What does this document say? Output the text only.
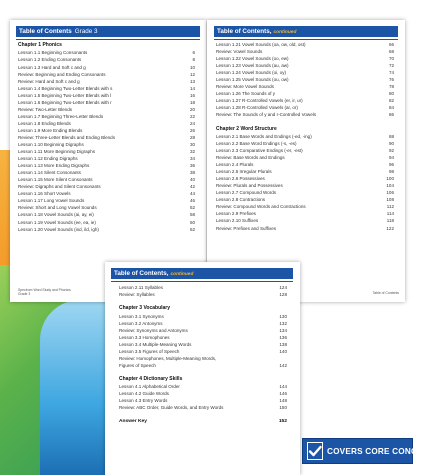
Table of Contents Grade 3
Chapter 1 Phonics
Lesson 1.1 Beginning Consonants	6
Lesson 1.2 Ending Consonants	8
Lesson 1.3 Hard and Soft c and g	10
Review: Beginning and Ending Consonants	12
Review: Hard and Soft c and g	13
Lesson 1.4 Beginning Two-Letter Blends with s	14
Lesson 1.5 Beginning Two-Letter Blends with l	16
Lesson 1.6 Beginning Two-Letter Blends with r	18
Review: Two-Letter Blends	20
Lesson 1.7 Beginning Three-Letter Blends	22
Lesson 1.8 Ending Blends	24
Lesson 1.9 More Ending Blends	26
Review: Three-Letter Blends and Ending Blends	28
Lesson 1.10 Beginning Digraphs	30
Lesson 1.11 More Beginning Digraphs	32
Lesson 1.12 Ending Digraphs	34
Lesson 1.13 More Ending Digraphs	36
Lesson 1.14 Silent Consonants	38
Lesson 1.15 More Silent Consonants	40
Review: Digraphs and Silent Consonants	42
Lesson 1.16 Short Vowels	44
Lesson 1.17 Long Vowel Sounds	46
Review: Short and Long Vowel Sounds	52
Lesson 1.18 Vowel Sounds (ai, ay, ei)	58
Lesson 1.19 Vowel Sounds (ee, ea, ie)	60
Lesson 1.20 Vowel Sounds (ind, ild, igh)	62
Spectrum Word Study and Phonics
Grade 3
Table of Contents, continued
Lesson 1.21 Vowel Sounds (oa, ow, old, ost)	66
Review: Vowel Sounds	68
Lesson 1.22 Vowel Sounds (oo, ew)	70
Lesson 1.23 Vowel Sounds (au, aw)	72
Lesson 1.24 Vowel Sounds (oi, oy)	74
Lesson 1.25 Vowel Sounds (ou, ow)	76
Review: More Vowel Sounds	78
Lesson 1.26 The Sounds of y	80
Lesson 1.27 R-Controlled Vowels (er, ir, ur)	82
Lesson 1.28 R-Controlled Vowels (ar, or)	84
Review: The Sounds of y and r-Controlled Vowels	86
Chapter 2 Word Structure
Lesson 2.1 Base Words and Endings (-ed, -ing)	88
Lesson 2.2 Base Word Endings (-s, -es)	90
Lesson 2.3 Comparative Endings (-er, -est)	92
Review: Base Words and Endings	94
Lesson 2.4 Plurals	96
Lesson 2.5 Irregular Plurals	98
Lesson 2.6 Possessives	100
Review: Plurals and Possessives	104
Lesson 2.7 Compound Words	106
Lesson 2.8 Contractions	108
Review: Compound Words and Contractions	112
Lesson 2.9 Prefixes	114
Lesson 2.10 Suffixes	118
Review: Prefixes and Suffixes	122
Table of Contents
Table of Contents, continued
Lesson 2.11 Syllables	124
Review: Syllables	128
Chapter 3 Vocabulary
Lesson 3.1 Synonyms	130
Lesson 3.2 Antonyms	132
Review: Synonyms and Antonyms	134
Lesson 3.3 Homophones	136
Lesson 3.4 Multiple-Meaning Words	138
Lesson 3.5 Figures of Speech	140
Review: Homophones, Multiple-Meaning Words,
Figures of Speech	142
Chapter 4 Dictionary Skills
Lesson 4.1 Alphabetical Order	144
Lesson 4.2 Guide Words	146
Lesson 4.3 Entry Words	148
Review: ABC Order, Guide Words, and Entry Words	150
Answer Key	152
COVERS CORE CONCEPTS
